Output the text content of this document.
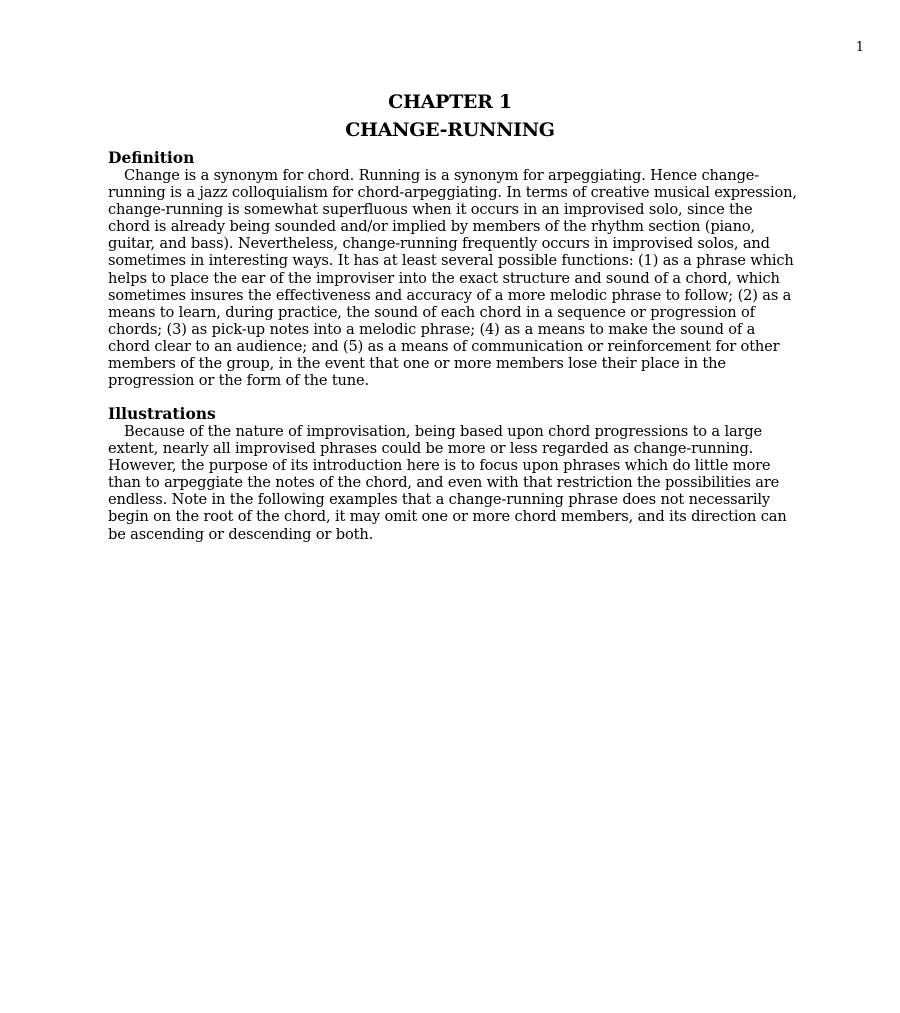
1
CHAPTER 1
CHANGE-RUNNING
Definition

Change is a synonym for chord. Running is a synonym for arpeggiating. Hence change-running is a jazz colloquialism for chord-arpeggiating. In terms of creative musical expression, change-running is somewhat superfluous when it occurs in an improvised solo, since the chord is already being sounded and/or implied by members of the rhythm section (piano, guitar, and bass). Nevertheless, change-running frequently occurs in improvised solos, and sometimes in interesting ways. It has at least several possible functions: (1) as a phrase which helps to place the ear of the improviser into the exact structure and sound of a chord, which sometimes insures the effectiveness and accuracy of a more melodic phrase to follow; (2) as a means to learn, during practice, the sound of each chord in a sequence or progression of chords; (3) as pick-up notes into a melodic phrase; (4) as a means to make the sound of a chord clear to an audience; and (5) as a means of communication or reinforcement for other members of the group, in the event that one or more members lose their place in the progression or the form of the tune.

Illustrations

Because of the nature of improvisation, being based upon chord progressions to a large extent, nearly all improvised phrases could be more or less regarded as change-running. However, the purpose of its introduction here is to focus upon phrases which do little more than to arpeggiate the notes of the chord, and even with that restriction the possibilities are endless. Note in the following examples that a change-running phrase does not necessarily begin on the root of the chord, it may omit one or more chord members, and its direction can be ascending or descending or both.
